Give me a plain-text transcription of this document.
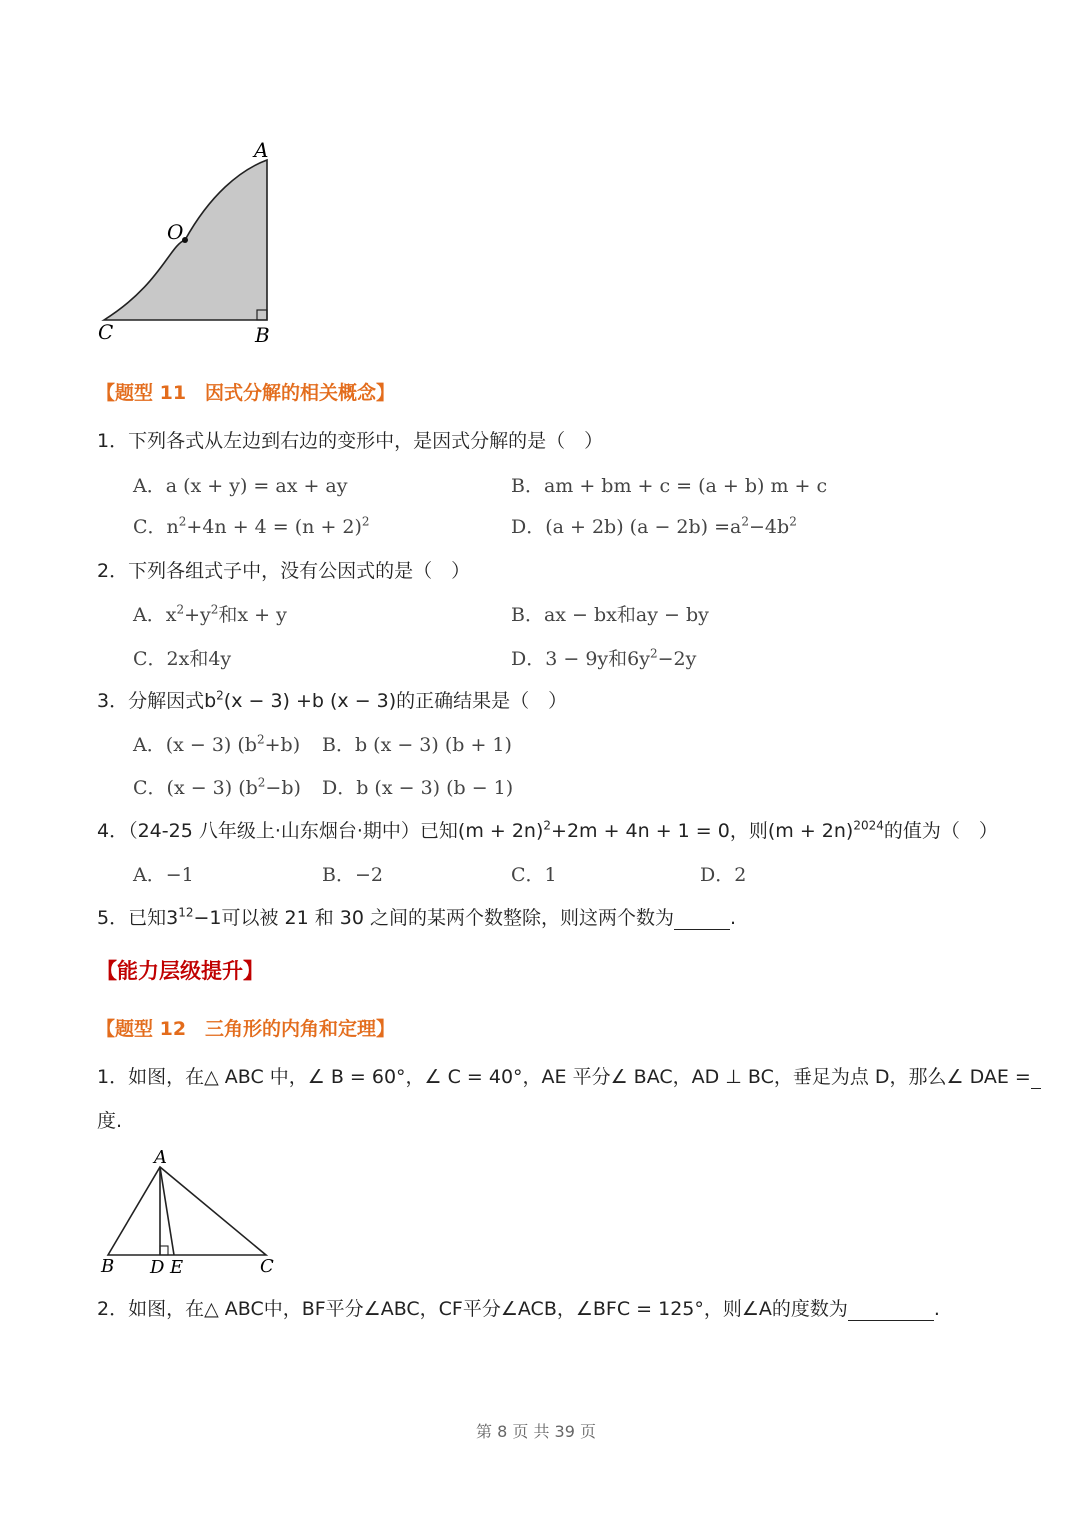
A
O
C	B
【题型 11　因式分解的相关概念】
1．下列各式从左边到右边的变形中，是因式分解的是（　）
A．a (x + y) = ax + ay	B．am + bm + c = (a + b) m + c
C．$n^2+4n + 4 = (n + 2)^2$	D．(a + 2b) $(a - 2b) =a^2-4b^2$
2．下列各组式子中，没有公因式的是（　）
A．$x^2+y^2$和x + y	B．ax − bx和ay − by
C．2x和4y	D．3 − 9y和$6y^2-2y$
3．分解因式$b^2(x - 3) +b$ (x − 3)的正确结果是（　）
A．(x − 3) $(b^2+b)$ B．b (x − 3) (b + 1)
C．(x − 3) $(b^2-b)$ D．b (x − 3) (b − 1)
4．（24-25 八年级上·山东烟台·期中）已知$(m + 2n)^2+2m + 4n + 1 = 0$，则$(m + 2n)^{2024}$的值为（　）
A．−1	B．−2	C．1	D．2
5．已知$3^{12}-1$可以被 21 和 30 之间的某两个数整除，则这两个数为	.
【能力层级提升】
【题型 12　三角形的内角和定理】
1．如图，在△ ABC 中，∠ B = 60°，∠ C = 40°，AE 平分∠ BAC，AD ⊥ BC，垂足为点 D，那么∠ DAE =
度.
A
B D E	C
2．如图，在△ ABC中，BF平分∠ABC，CF平分∠ACB，∠BFC = 125°，则∠A的度数为	.
第 8 页 共 39 页
